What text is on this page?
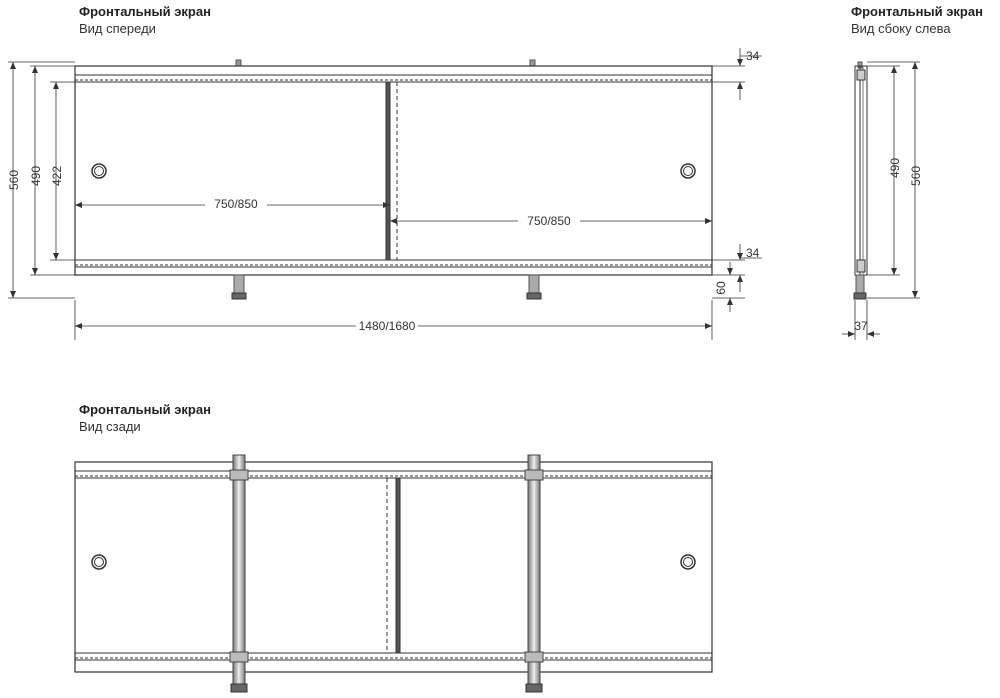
Фронтальный экран
Вид спереди
Фронтальный экран
Вид сбоку слева
Фронтальный экран
Вид сзади
560 490 422
750/850
750/850
34
34
60
1480/1680
490 560
37
